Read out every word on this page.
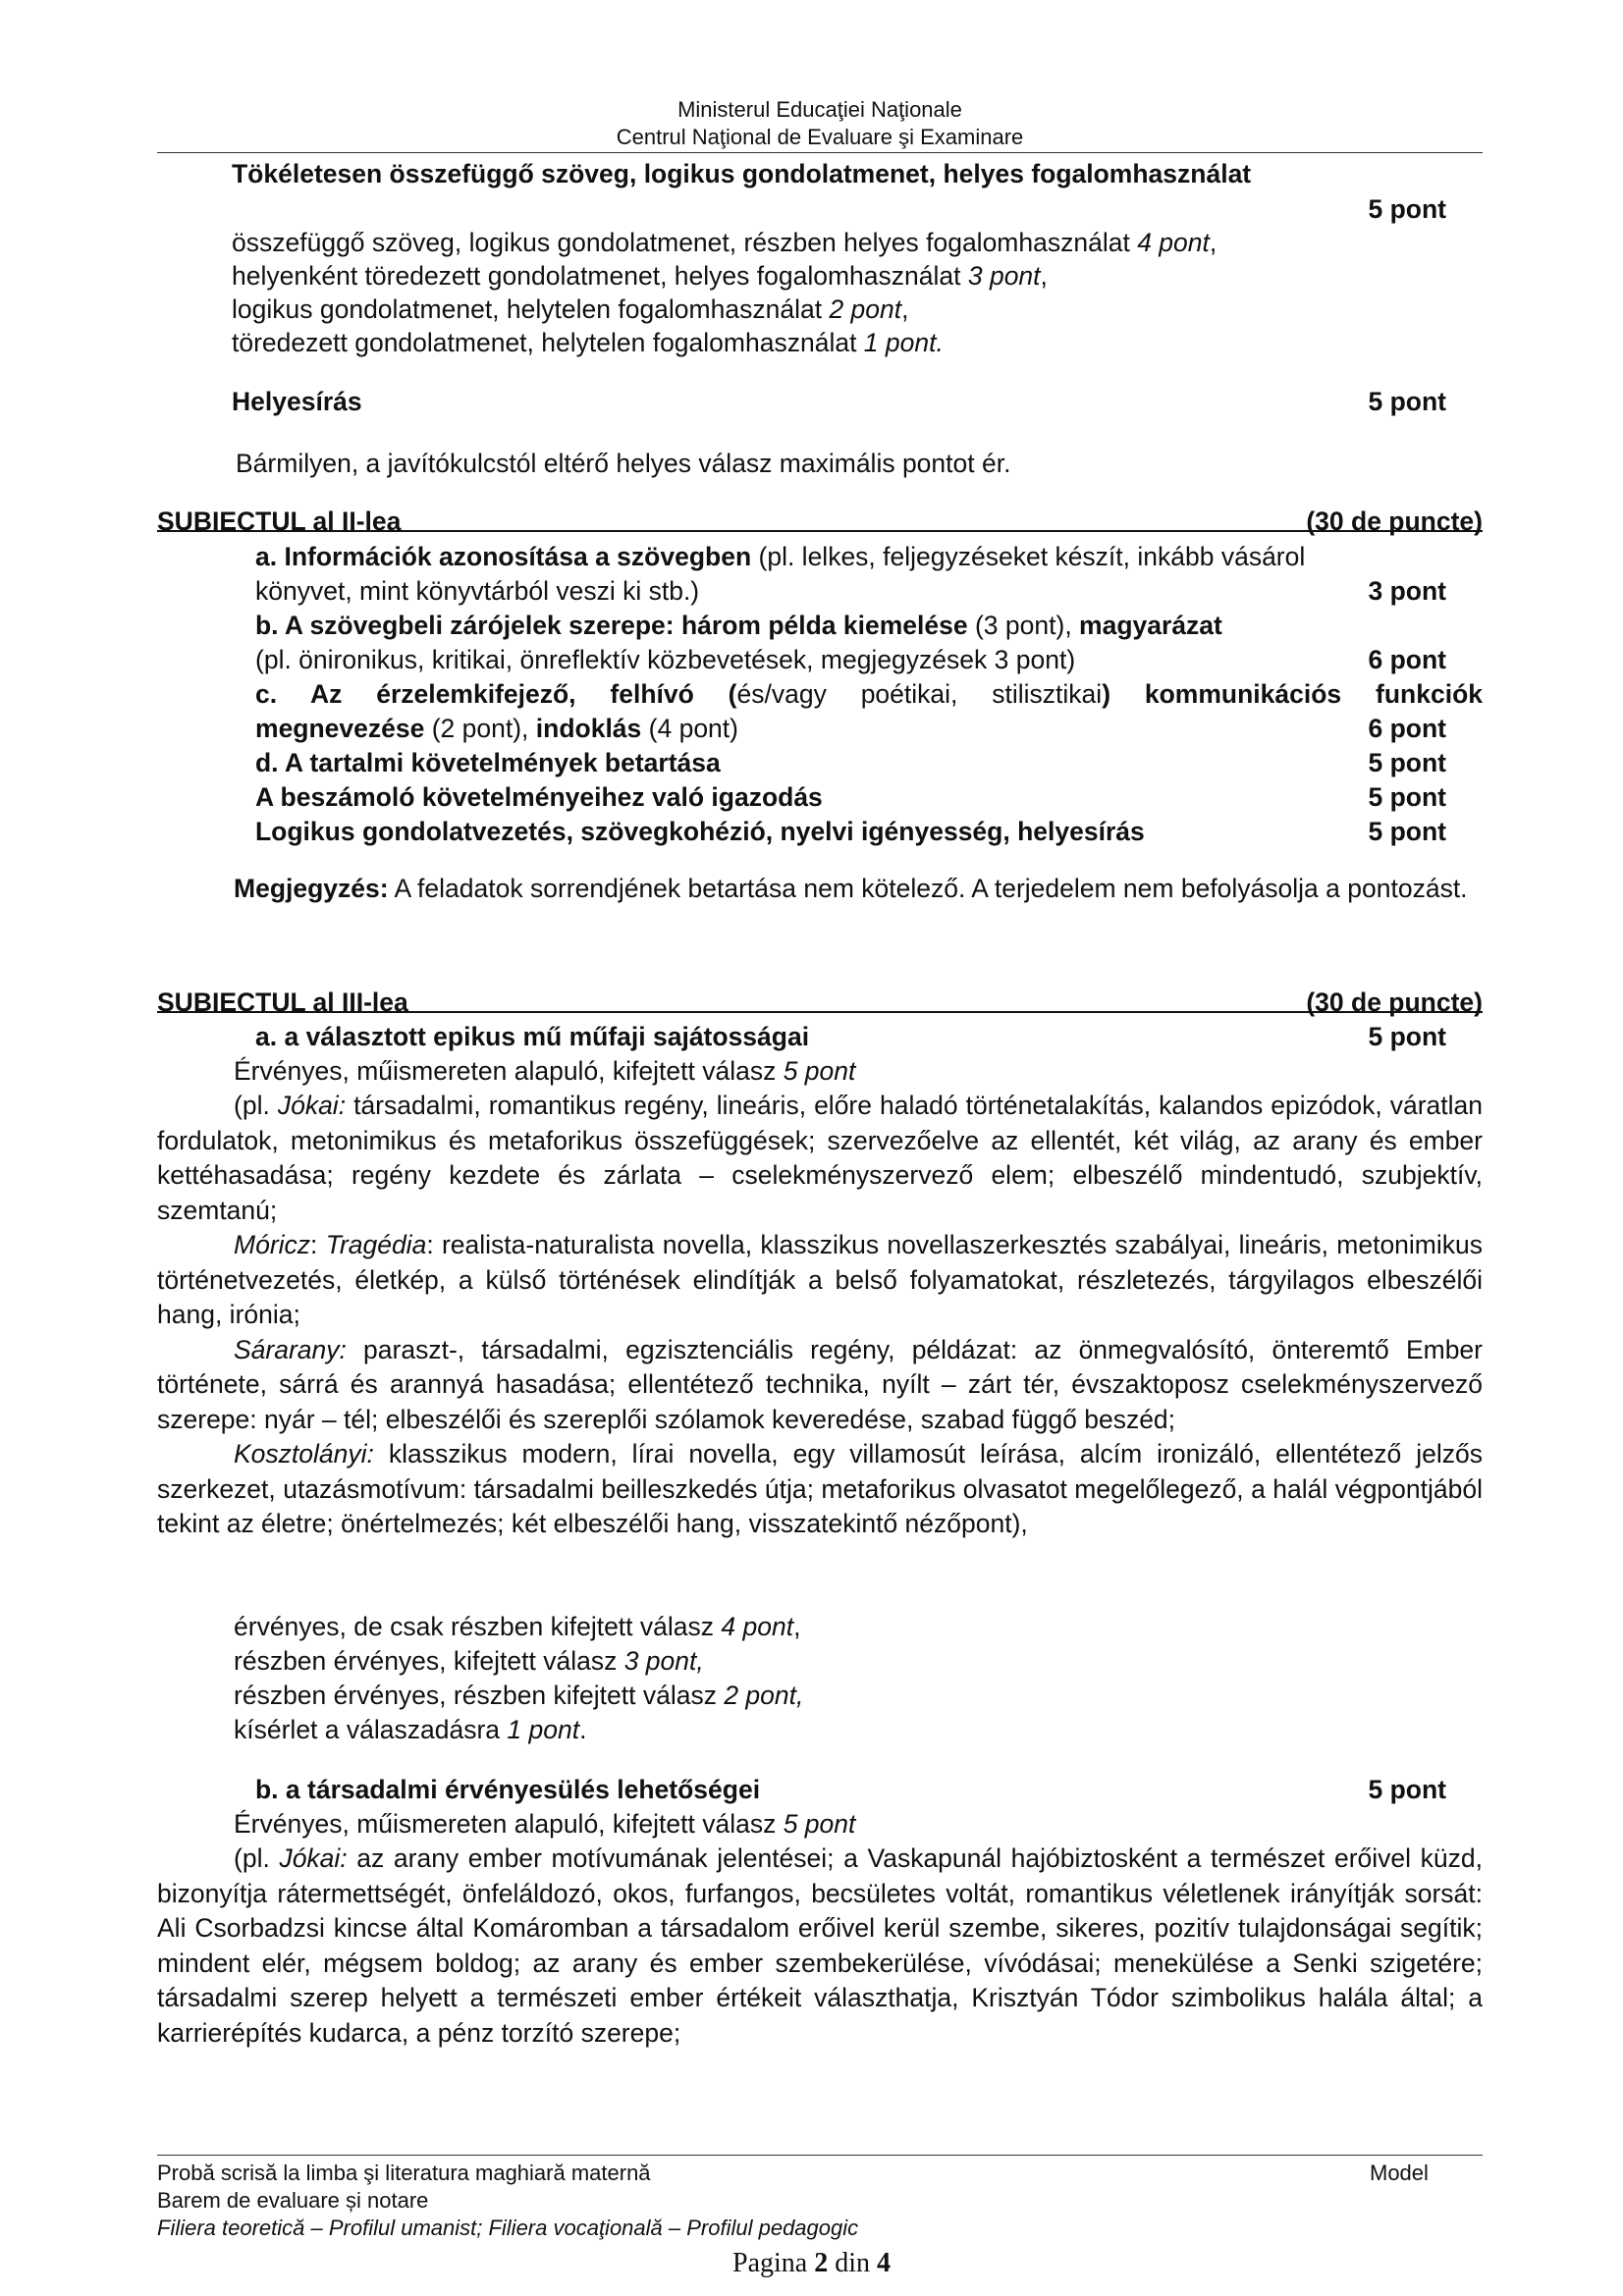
Ministerul Educaţiei Naţionale
Centrul Naţional de Evaluare şi Examinare
Tökéletesen összefüggő szöveg, logikus gondolatmenet, helyes fogalomhasználat
5 pont
összefüggő szöveg, logikus gondolatmenet, részben helyes fogalomhasználat 4 pont,
helyenként töredezett gondolatmenet, helyes fogalomhasználat 3 pont,
logikus gondolatmenet, helytelen fogalomhasználat 2 pont,
töredezett gondolatmenet, helytelen fogalomhasználat 1 pont.
Helyesírás	5 pont
Bármilyen, a javítókulcstól eltérő helyes válasz maximális pontot ér.
SUBIECTUL al II-lea	(30 de puncte)
a. Információk azonosítása a szövegben (pl. lelkes, feljegyzéseket készít, inkább vásárol
könyvet, mint könyvtárból veszi ki stb.)	3 pont
b. A szövegbeli zárójelek szerepe: három példa kiemelése (3 pont), magyarázat
(pl. önironikus, kritikai, önreflektív közbevetések, megjegyzések 3 pont)	6 pont
c. Az érzelemkifejező, felhívó (és/vagy poétikai, stilisztikai) kommunikációs funkciók
megnevezése (2 pont), indoklás (4 pont)	6 pont
d. A tartalmi követelmények betartása	5 pont
A beszámoló követelményeihez való igazodás	5 pont
Logikus gondolatvezetés, szövegkohézió, nyelvi igényesség, helyesírás	5 pont

Megjegyzés: A feladatok sorrendjének betartása nem kötelező. A terjedelem nem befolyásolja a pontozást.

SUBIECTUL al III-lea	(30 de puncte)
a. a választott epikus mű műfaji sajátosságai	5 pont
Érvényes, műismereten alapuló, kifejtett válasz 5 pont

(pl. Jókai: társadalmi, romantikus regény, lineáris, előre haladó történetalakítás, kalandos epizódok, váratlan fordulatok, metonimikus és metaforikus összefüggések; szervezőelve az ellentét, két világ, az arany és ember kettéhasadása; regény kezdete és zárlata – cselekményszervező elem; elbeszélő mindentudó, szubjektív, szemtanú;

Móricz: Tragédia: realista-naturalista novella, klasszikus novellaszerkesztés szabályai, lineáris, metonimikus történetvezetés, életkép, a külső történések elindítják a belső folyamatokat, részletezés, tárgyilagos elbeszélői hang, irónia;

Sárarany: paraszt-, társadalmi, egzisztenciális regény, példázat: az önmegvalósító, önteremtő Ember története, sárrá és arannyá hasadása; ellentétező technika, nyílt – zárt tér, évszaktoposz cselekményszervező szerepe: nyár – tél; elbeszélői és szereplői szólamok keveredése, szabad függő beszéd;

Kosztolányi: klasszikus modern, lírai novella, egy villamosút leírása, alcím ironizáló, ellentétező jelzős szerkezet, utazásmotívum: társadalmi beilleszkedés útja; metaforikus olvasatot megelőlegező, a halál végpontjából tekint az életre; önértelmezés; két elbeszélői hang, visszatekintő nézőpont),

érvényes, de csak részben kifejtett válasz 4 pont,
részben érvényes, kifejtett válasz 3 pont,
részben érvényes, részben kifejtett válasz 2 pont,
kísérlet a válaszadásra 1 pont.
b. a társadalmi érvényesülés lehetőségei	5 pont
Érvényes, műismereten alapuló, kifejtett válasz 5 pont

(pl. Jókai: az arany ember motívumának jelentései; a Vaskapunál hajóbiztosként a természet erőivel küzd, bizonyítja rátermettségét, önfeláldozó, okos, furfangos, becsületes voltát, romantikus véletlenek irányítják sorsát: Ali Csorbadzsi kincse által Komáromban a társadalom erőivel kerül szembe, sikeres, pozitív tulajdonságai segítik; mindent elér, mégsem boldog; az arany és ember szembekerülése, vívódásai; menekülése a Senki szigetére; társadalmi szerep helyett a természeti ember értékeit választhatja, Krisztyán Tódor szimbolikus halála által; a karrierépítés kudarca, a pénz torzító szerepe;

Probă scrisă la limba şi literatura maghiară maternă	Model
Barem de evaluare și notare
Filiera teoretică – Profilul umanist; Filiera vocaţională – Profilul pedagogic
Pagina 2 din 4
